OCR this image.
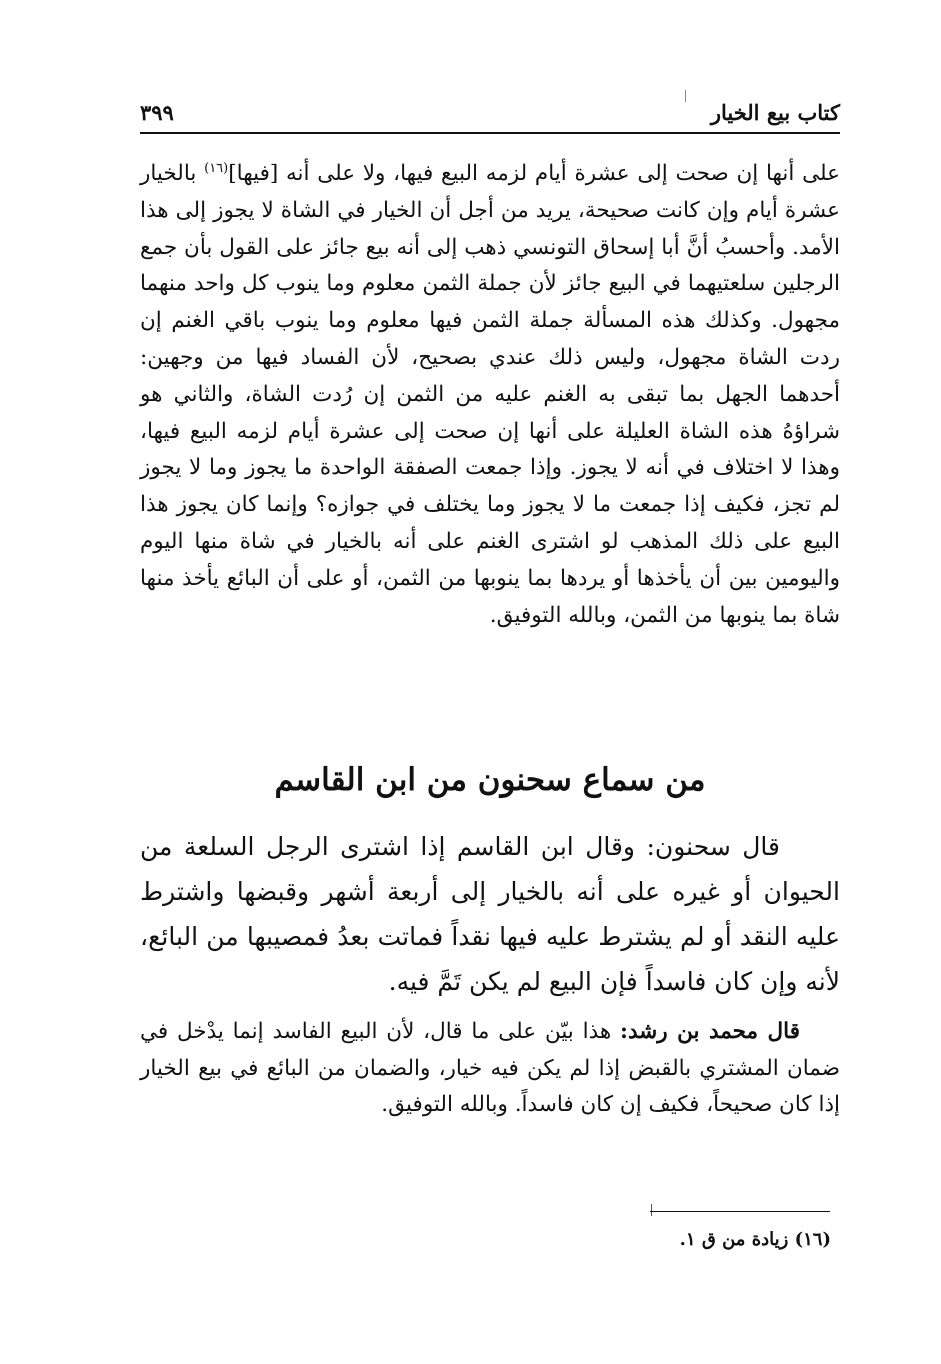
كتاب بيع الخيار
٣٩٩
على أنها إن صحت إلى عشرة أيام لزمه البيع فيها، ولا على أنه [فيها]$^{(١٦)}$ بالخيار عشرة أيام وإن كانت صحيحة، يريد من أجل أن الخيار في الشاة لا يجوز إلى هذا الأمد. وأحسبُ أنَّ أبا إسحاق التونسي ذهب إلى أنه بيع جائز على القول بأن جمع الرجلين سلعتيهما في البيع جائز لأن جملة الثمن معلوم وما ينوب كل واحد منهما مجهول. وكذلك هذه المسألة جملة الثمن فيها معلوم وما ينوب باقي الغنم إن ردت الشاة مجهول، وليس ذلك عندي بصحيح، لأن الفساد فيها من وجهين: أحدهما الجهل بما تبقى به الغنم عليه من الثمن إن رُدت الشاة، والثاني هو شراؤهُ هذه الشاة العليلة على أنها إن صحت إلى عشرة أيام لزمه البيع فيها، وهذا لا اختلاف في أنه لا يجوز. وإذا جمعت الصفقة الواحدة ما يجوز وما لا يجوز لم تجز، فكيف إذا جمعت ما لا يجوز وما يختلف في جوازه؟ وإنما كان يجوز هذا البيع على ذلك المذهب لو اشترى الغنم على أنه بالخيار في شاة منها اليوم واليومين بين أن يأخذها أو يردها بما ينوبها من الثمن، أو على أن البائع يأخذ منها شاة بما ينوبها من الثمن، وبالله التوفيق.
من سماع سحنون من ابن القاسم
قال سحنون: وقال ابن القاسم إذا اشترى الرجل السلعة من الحيوان أو غيره على أنه بالخيار إلى أربعة أشهر وقبضها واشترط عليه النقد أو لم يشترط عليه فيها نقداً فماتت بعدُ فمصيبها من البائع، لأنه وإن كان فاسداً فإن البيع لم يكن تَمَّ فيه.
قال محمد بن رشد: هذا بيّن على ما قال، لأن البيع الفاسد إنما يدْخل في ضمان المشتري بالقبض إذا لم يكن فيه خيار، والضمان من البائع في بيع الخيار إذا كان صحيحاً، فكيف إن كان فاسداً. وبالله التوفيق.
(١٦) زيادة من ق ١.
